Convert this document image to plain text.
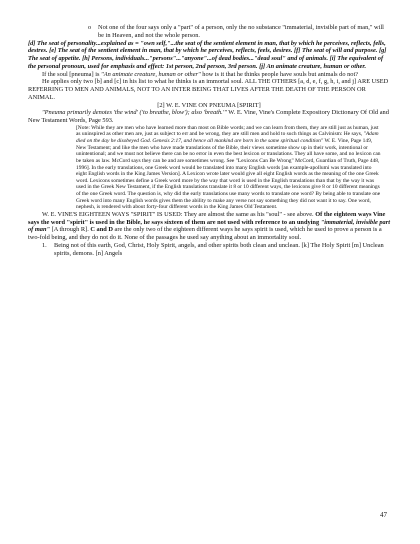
o	Not one of the four says only a "part" of a person, only the no substance "immaterial, invisible part of man," will be in Heaven, and not the whole person.

[d] The seat of personality...explained as = "own self,"...the seat of the sentient element in man, that by which he perceives, reflects, fells, destres. [e] The seat of the sentient element in man, that by which he perceives, reflects, feels, desires. [f] The seat of will and purpose. [g] The seat of appetite. [h] Persons, individuals..."persons"..."anyone"...of dead bodies..."dead soul" and of animals. [i] The equivalent of the personal pronoun, used for emphasis and effect: 1st person, 2nd person, 3rd person. [j] An animate creature, human or other.

If the soul [pneuma] is "An animate creature, human or other" how is it that he thinks people have souls but animals do not?

He applies only two [b] and [c] in his list to what he thinks is an immortal soul. ALL THE OTHERS [a, d, e, f, g, h, i, and j] ARE USED REFERRING TO MEN AND ANIMALS, NOT TO AN INTER BEING THAT LIVES AFTER THE DEATH OF THE PERSON OR ANIMAL.

[2] W. E. VINE ON PNEUMA [SPIRIT]

"Pneuma primarily denotes 'the wind' ('to breathe, blow'); also 'breath.'" W. E. Vine, Vine's Complete Expository Dictionary Of Old and New Testament Words, Page 593.

[Note: While they are men who have learned more than most on Bible words; and we can learn from them, they are still just as human, just as uninspired as other men are, just as subject to err and be wrong, they are still men and hold to such things as Calvinism: He says, "Adam died on the day he disobeyed God. Genesis 2:17, and hence all mankind are born in the same spiritual condition" W. E. Vine, Page 149, New Testament; and like the men who have made translations of the Bible, their views sometime show up in their work, intentional or unintentional; and we must not believe there can be no error in even the best lexicon or translations. They all have some, and no lexicon can be taken as law. McCord says they can be and are sometimes wrong. See "Lexicons Can Be Wrong" McCord, Guardian of Truth, Page 448, 1996]. In the early translations, one Greek word would be translated into many English words [an example-apollumi was translated into eight English words in the King James Version]. A Lexicon wrote later would give all eight English words as the meaning of the one Greek word. Lexicons sometimes define a Greek word more by the way that word is used in the English translations than that by the way it was used in the Greek New Testament, if the English translations translate it 8 or 10 different ways, the lexicons give 8 or 10 different meanings of the one Greek word. The question is, why did the early translations use many words to translate one word? By being able to translate one Greek word into many English words gives them the ability to make any verse not say something they did not want it to say. One word, nephesh, is rendered with about forty-four different words in the King James Old Testament.

W. E. VINE'S EIGHTEEN WAYS "SPIRIT" IS USED: They are almost the same as his "soul" - see above. Of the eighteen ways Vine says the word "spirit" is used in the Bible, he says sixteen of them are not used with reference to an undying "immaterial, invisible part of man" [A through R]. C and D are the only two of the eighteen different ways he says spirit is used, which he used to prove a person is a two-fold being, and they do not do it. None of the passages he used say anything about an immortality soul.

1.	Being not of this earth, God, Christ, Holy Spirit, angels, and other spirits both clean and unclean. [k] The Holy Spirit [m] Unclean spirits, demons. [n] Angels
47
